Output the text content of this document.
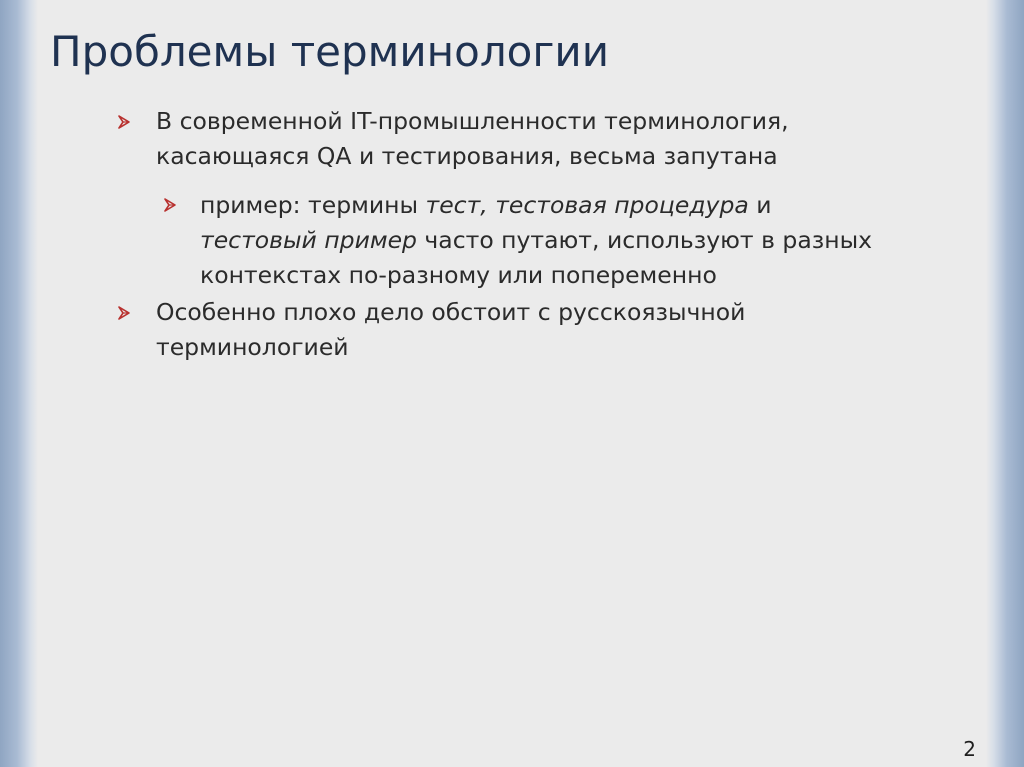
Проблемы терминологии
В современной IT-промышленности терминология, касающаяся QA и тестирования, весьма запутана
пример: термины тест, тестовая процедура и тестовый пример часто путают, используют в разных контекстах по-разному или попеременно
Особенно плохо дело обстоит с русскоязычной терминологией
2
